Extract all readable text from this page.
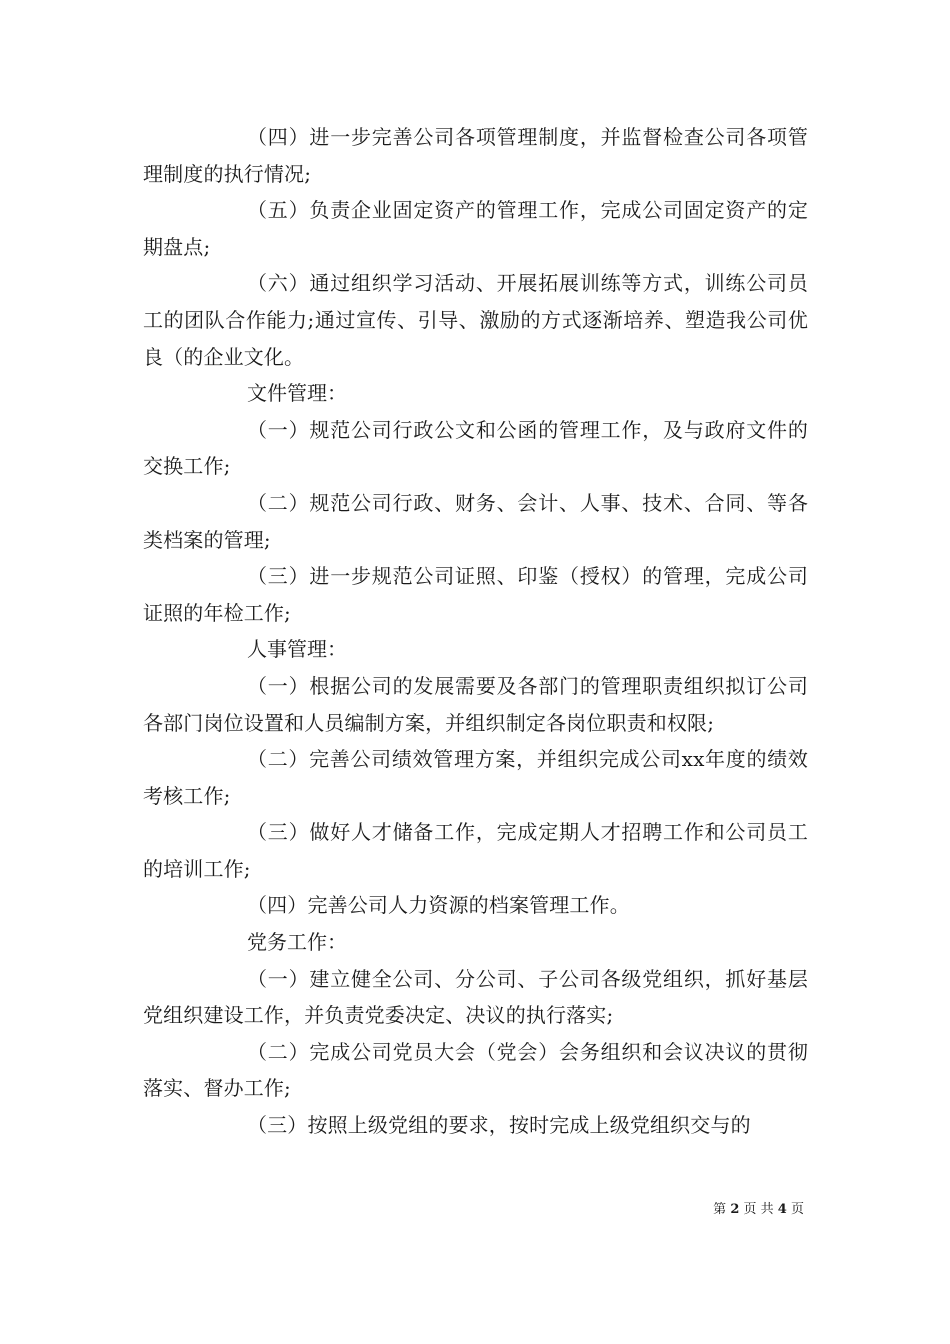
（四）进一步完善公司各项管理制度，并监督检查公司各项管理制度的执行情况;

（五）负责企业固定资产的管理工作，完成公司固定资产的定期盘点;

（六）通过组织学习活动、开展拓展训练等方式，训练公司员工的团队合作能力;通过宣传、引导、激励的方式逐渐培养、塑造我公司优良（的企业文化。

文件管理：

（一）规范公司行政公文和公函的管理工作，及与政府文件的交换工作;

（二）规范公司行政、财务、会计、人事、技术、合同、等各类档案的管理;

（三）进一步规范公司证照、印鉴（授权）的管理，完成公司证照的年检工作;

人事管理：

（一）根据公司的发展需要及各部门的管理职责组织拟订公司各部门岗位设置和人员编制方案，并组织制定各岗位职责和权限;

（二）完善公司绩效管理方案，并组织完成公司xx年度的绩效考核工作;

（三）做好人才储备工作，完成定期人才招聘工作和公司员工的培训工作;

（四）完善公司人力资源的档案管理工作。

党务工作：

（一）建立健全公司、分公司、子公司各级党组织，抓好基层党组织建设工作，并负责党委决定、决议的执行落实;

（二）完成公司党员大会（党会）会务组织和会议决议的贯彻落实、督办工作;

（三）按照上级党组的要求，按时完成上级党组织交与的

第 2 页 共 4 页
